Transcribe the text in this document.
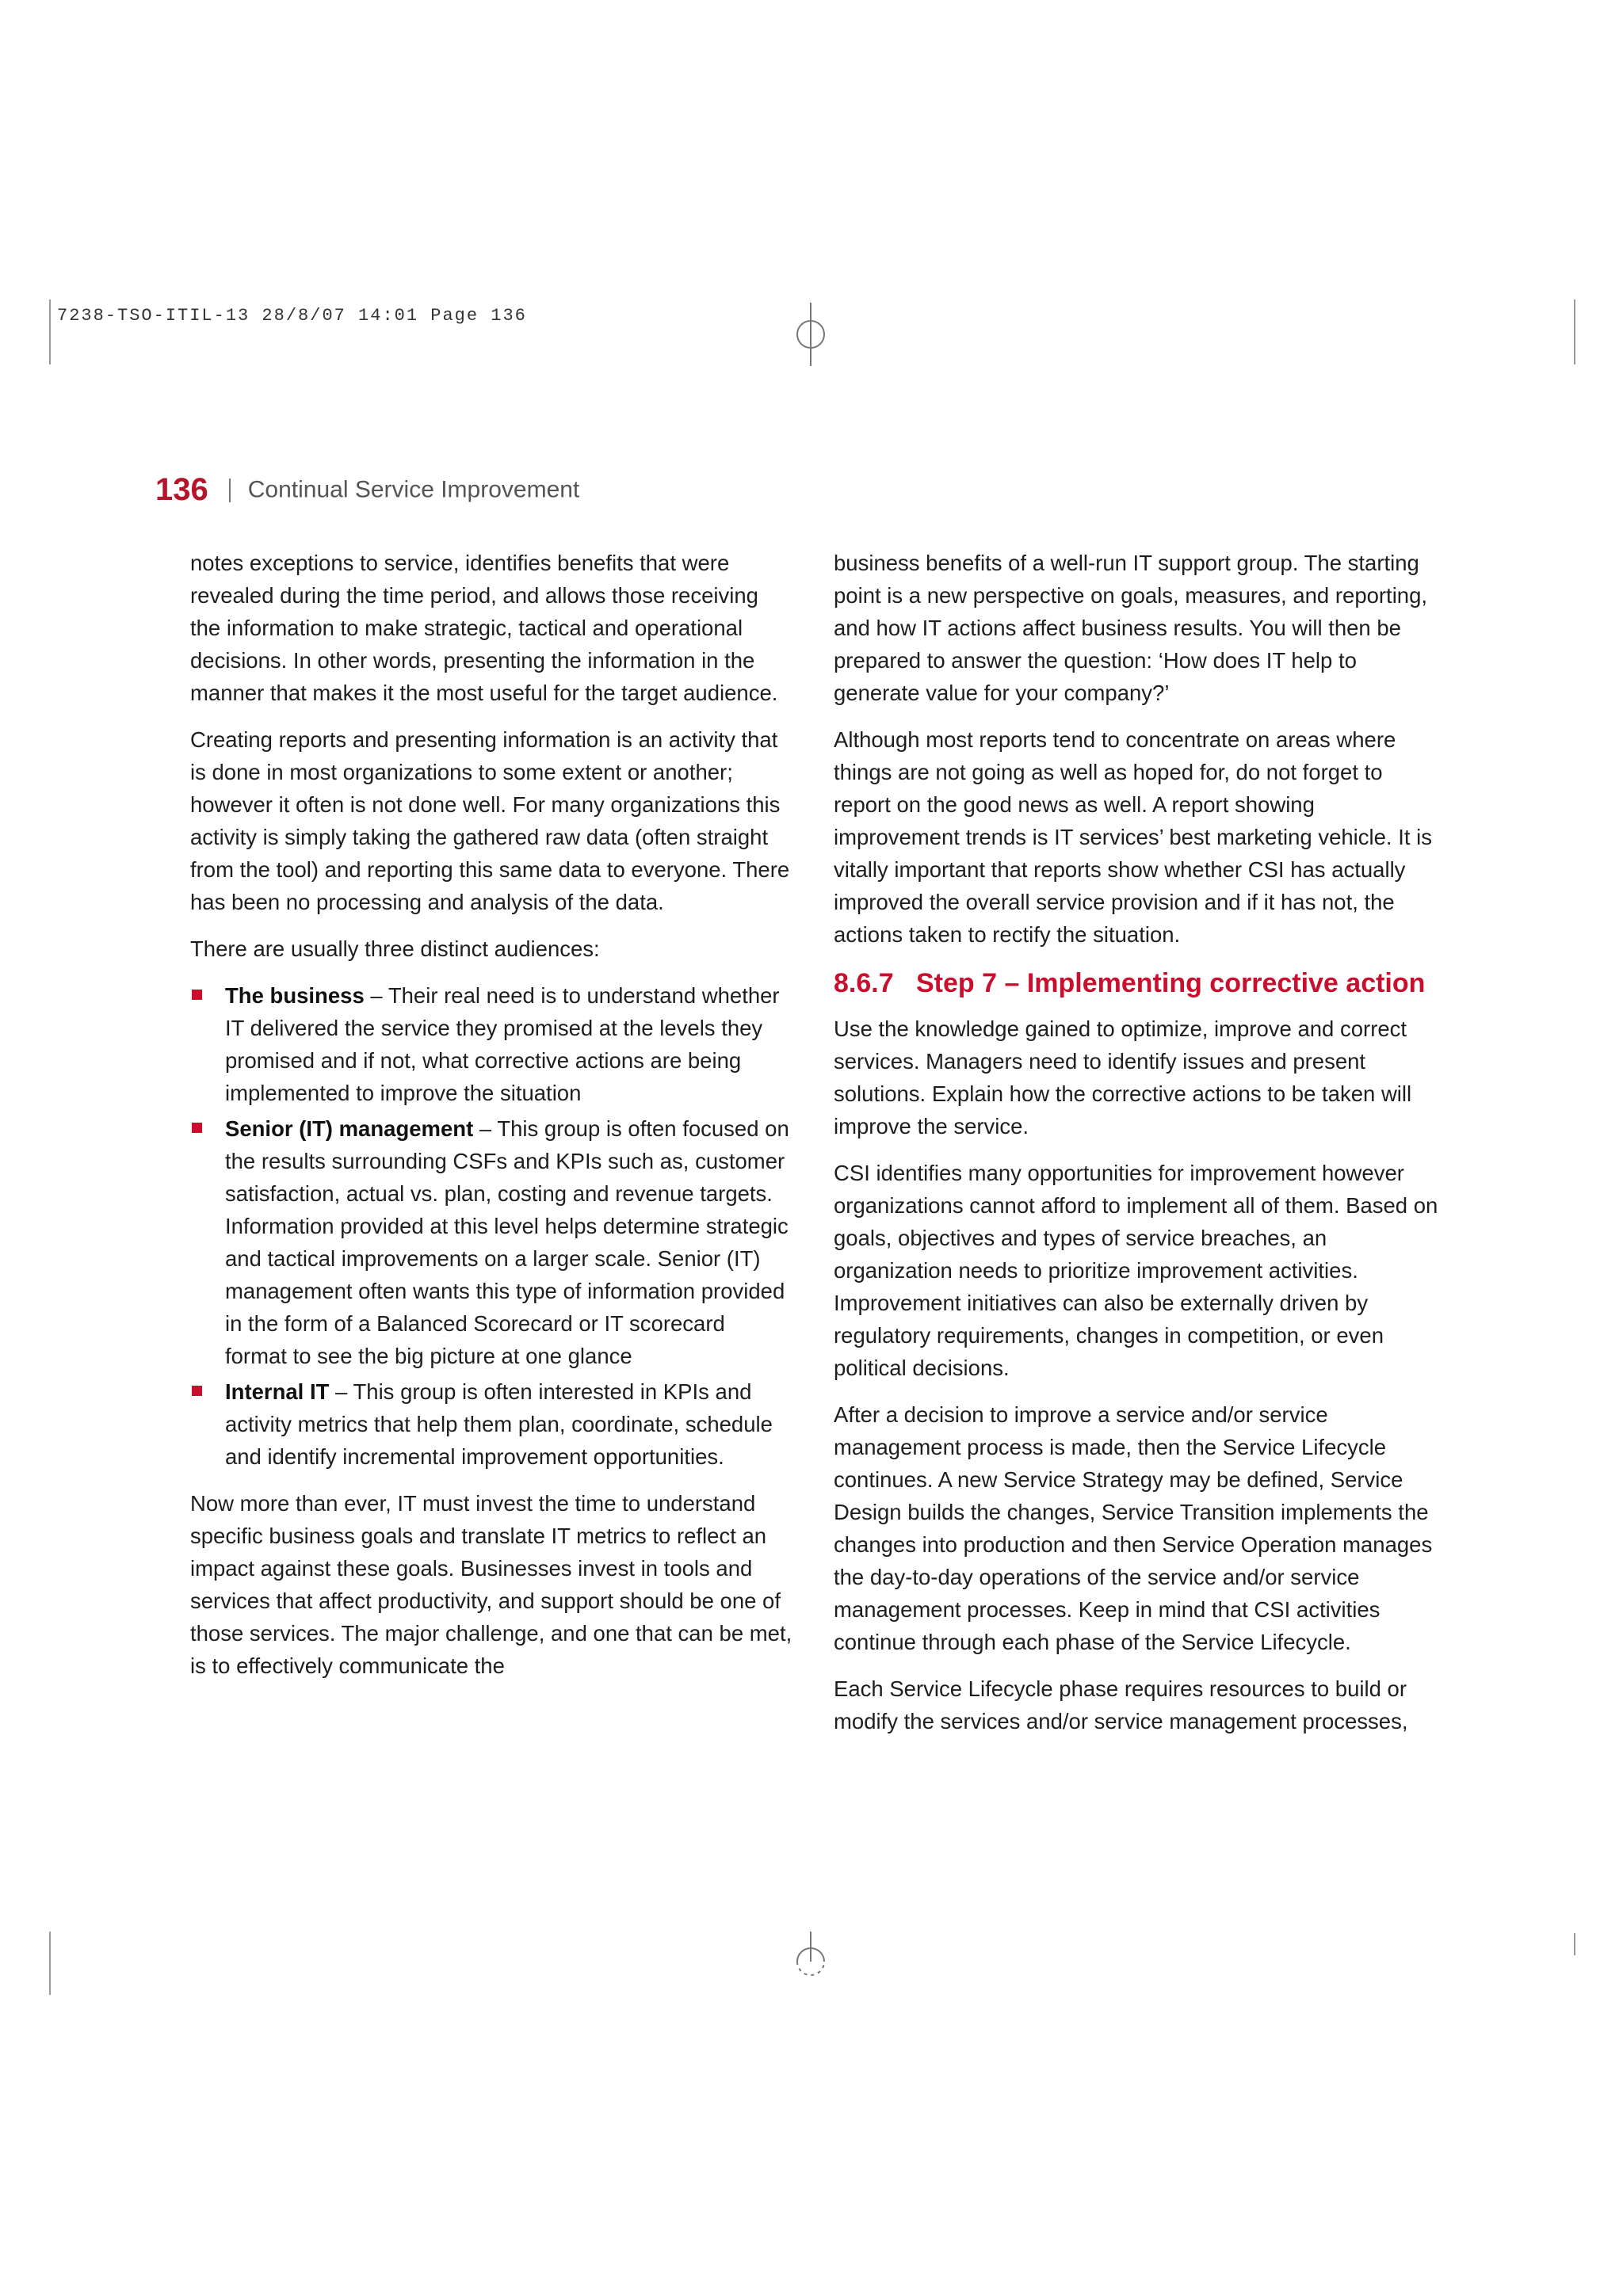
7238-TSO-ITIL-13 28/8/07 14:01 Page 136
136 Continual Service Improvement

notes exceptions to service, identifies benefits that were revealed during the time period, and allows those receiving the information to make strategic, tactical and operational decisions. In other words, presenting the information in the manner that makes it the most useful for the target audience.

Creating reports and presenting information is an activity that is done in most organizations to some extent or another; however it often is not done well. For many organizations this activity is simply taking the gathered raw data (often straight from the tool) and reporting this same data to everyone. There has been no processing and analysis of the data.

There are usually three distinct audiences:

The business – Their real need is to understand whether IT delivered the service they promised at the levels they promised and if not, what corrective actions are being implemented to improve the situation
Senior (IT) management – This group is often focused on the results surrounding CSFs and KPIs such as, customer satisfaction, actual vs. plan, costing and revenue targets. Information provided at this level helps determine strategic and tactical improvements on a larger scale. Senior (IT) management often wants this type of information provided in the form of a Balanced Scorecard or IT scorecard format to see the big picture at one glance
Internal IT – This group is often interested in KPIs and activity metrics that help them plan, coordinate, schedule and identify incremental improvement opportunities.

Now more than ever, IT must invest the time to understand specific business goals and translate IT metrics to reflect an impact against these goals. Businesses invest in tools and services that affect productivity, and support should be one of those services. The major challenge, and one that can be met, is to effectively communicate the

business benefits of a well-run IT support group. The starting point is a new perspective on goals, measures, and reporting, and how IT actions affect business results. You will then be prepared to answer the question: ‘How does IT help to generate value for your company?’

Although most reports tend to concentrate on areas where things are not going as well as hoped for, do not forget to report on the good news as well. A report showing improvement trends is IT services’ best marketing vehicle. It is vitally important that reports show whether CSI has actually improved the overall service provision and if it has not, the actions taken to rectify the situation.

8.6.7 Step 7 – Implementing corrective action

Use the knowledge gained to optimize, improve and correct services. Managers need to identify issues and present solutions. Explain how the corrective actions to be taken will improve the service.

CSI identifies many opportunities for improvement however organizations cannot afford to implement all of them. Based on goals, objectives and types of service breaches, an organization needs to prioritize improvement activities. Improvement initiatives can also be externally driven by regulatory requirements, changes in competition, or even political decisions.

After a decision to improve a service and/or service management process is made, then the Service Lifecycle continues. A new Service Strategy may be defined, Service Design builds the changes, Service Transition implements the changes into production and then Service Operation manages the day-to-day operations of the service and/or service management processes. Keep in mind that CSI activities continue through each phase of the Service Lifecycle.

Each Service Lifecycle phase requires resources to build or modify the services and/or service management processes,
